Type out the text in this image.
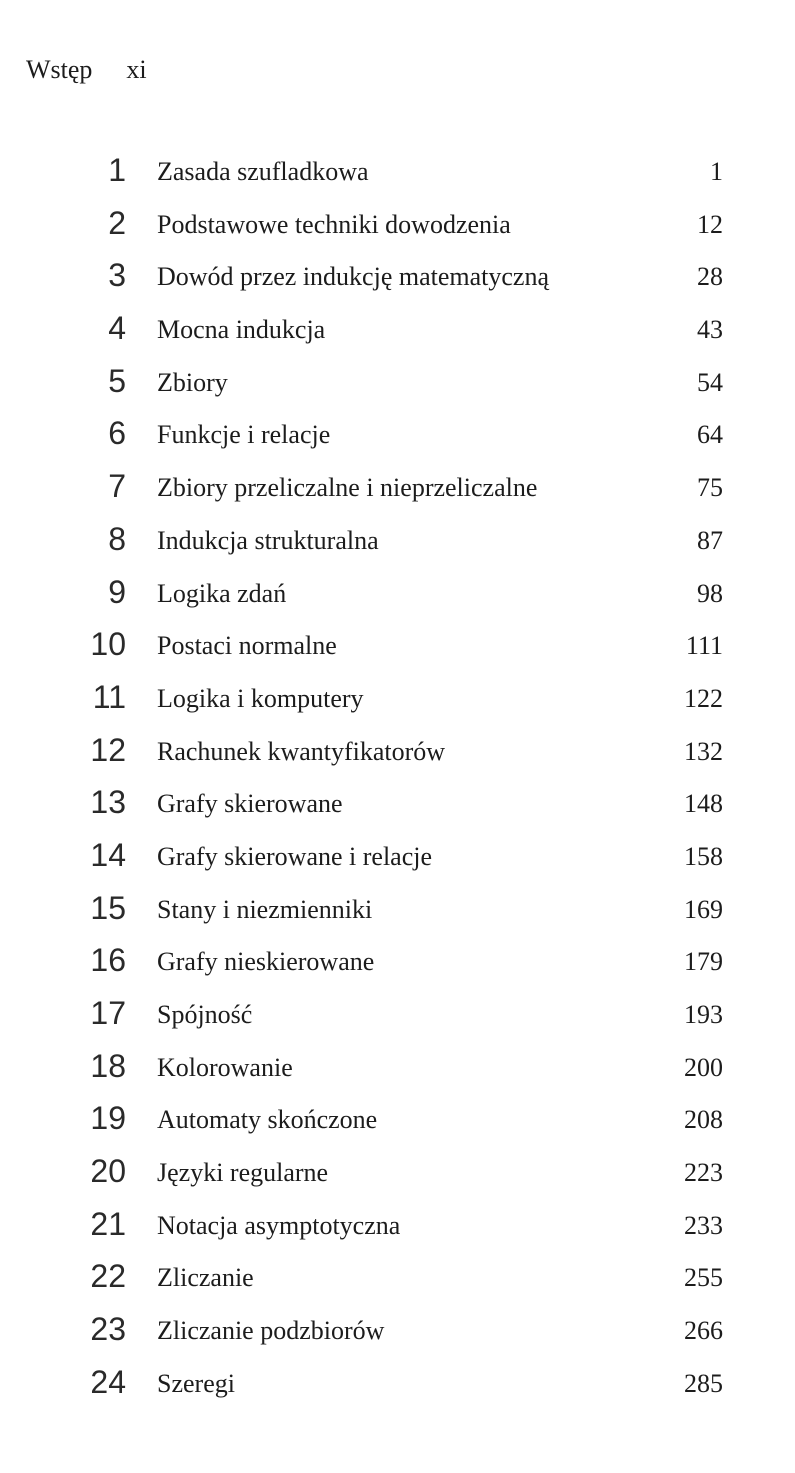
Wstęp xi
1 Zasada szufladkowa	1
2 Podstawowe techniki dowodzenia	12
3 Dowód przez indukcję matematyczną	28
4 Mocna indukcja	43
5 Zbiory	54
6 Funkcje i relacje	64
7 Zbiory przeliczalne i nieprzeliczalne	75
8 Indukcja strukturalna	87
9 Logika zdań	98
10 Postaci normalne	111
11 Logika i komputery	122
12 Rachunek kwantyfikatorów	132
13 Grafy skierowane	148
14 Grafy skierowane i relacje	158
15 Stany i niezmienniki	169
16 Grafy nieskierowane	179
17 Spójność	193
18 Kolorowanie	200
19 Automaty skończone	208
20 Języki regularne	223
21 Notacja asymptotyczna	233
22 Zliczanie	255
23 Zliczanie podzbiorów	266
24 Szeregi	285
